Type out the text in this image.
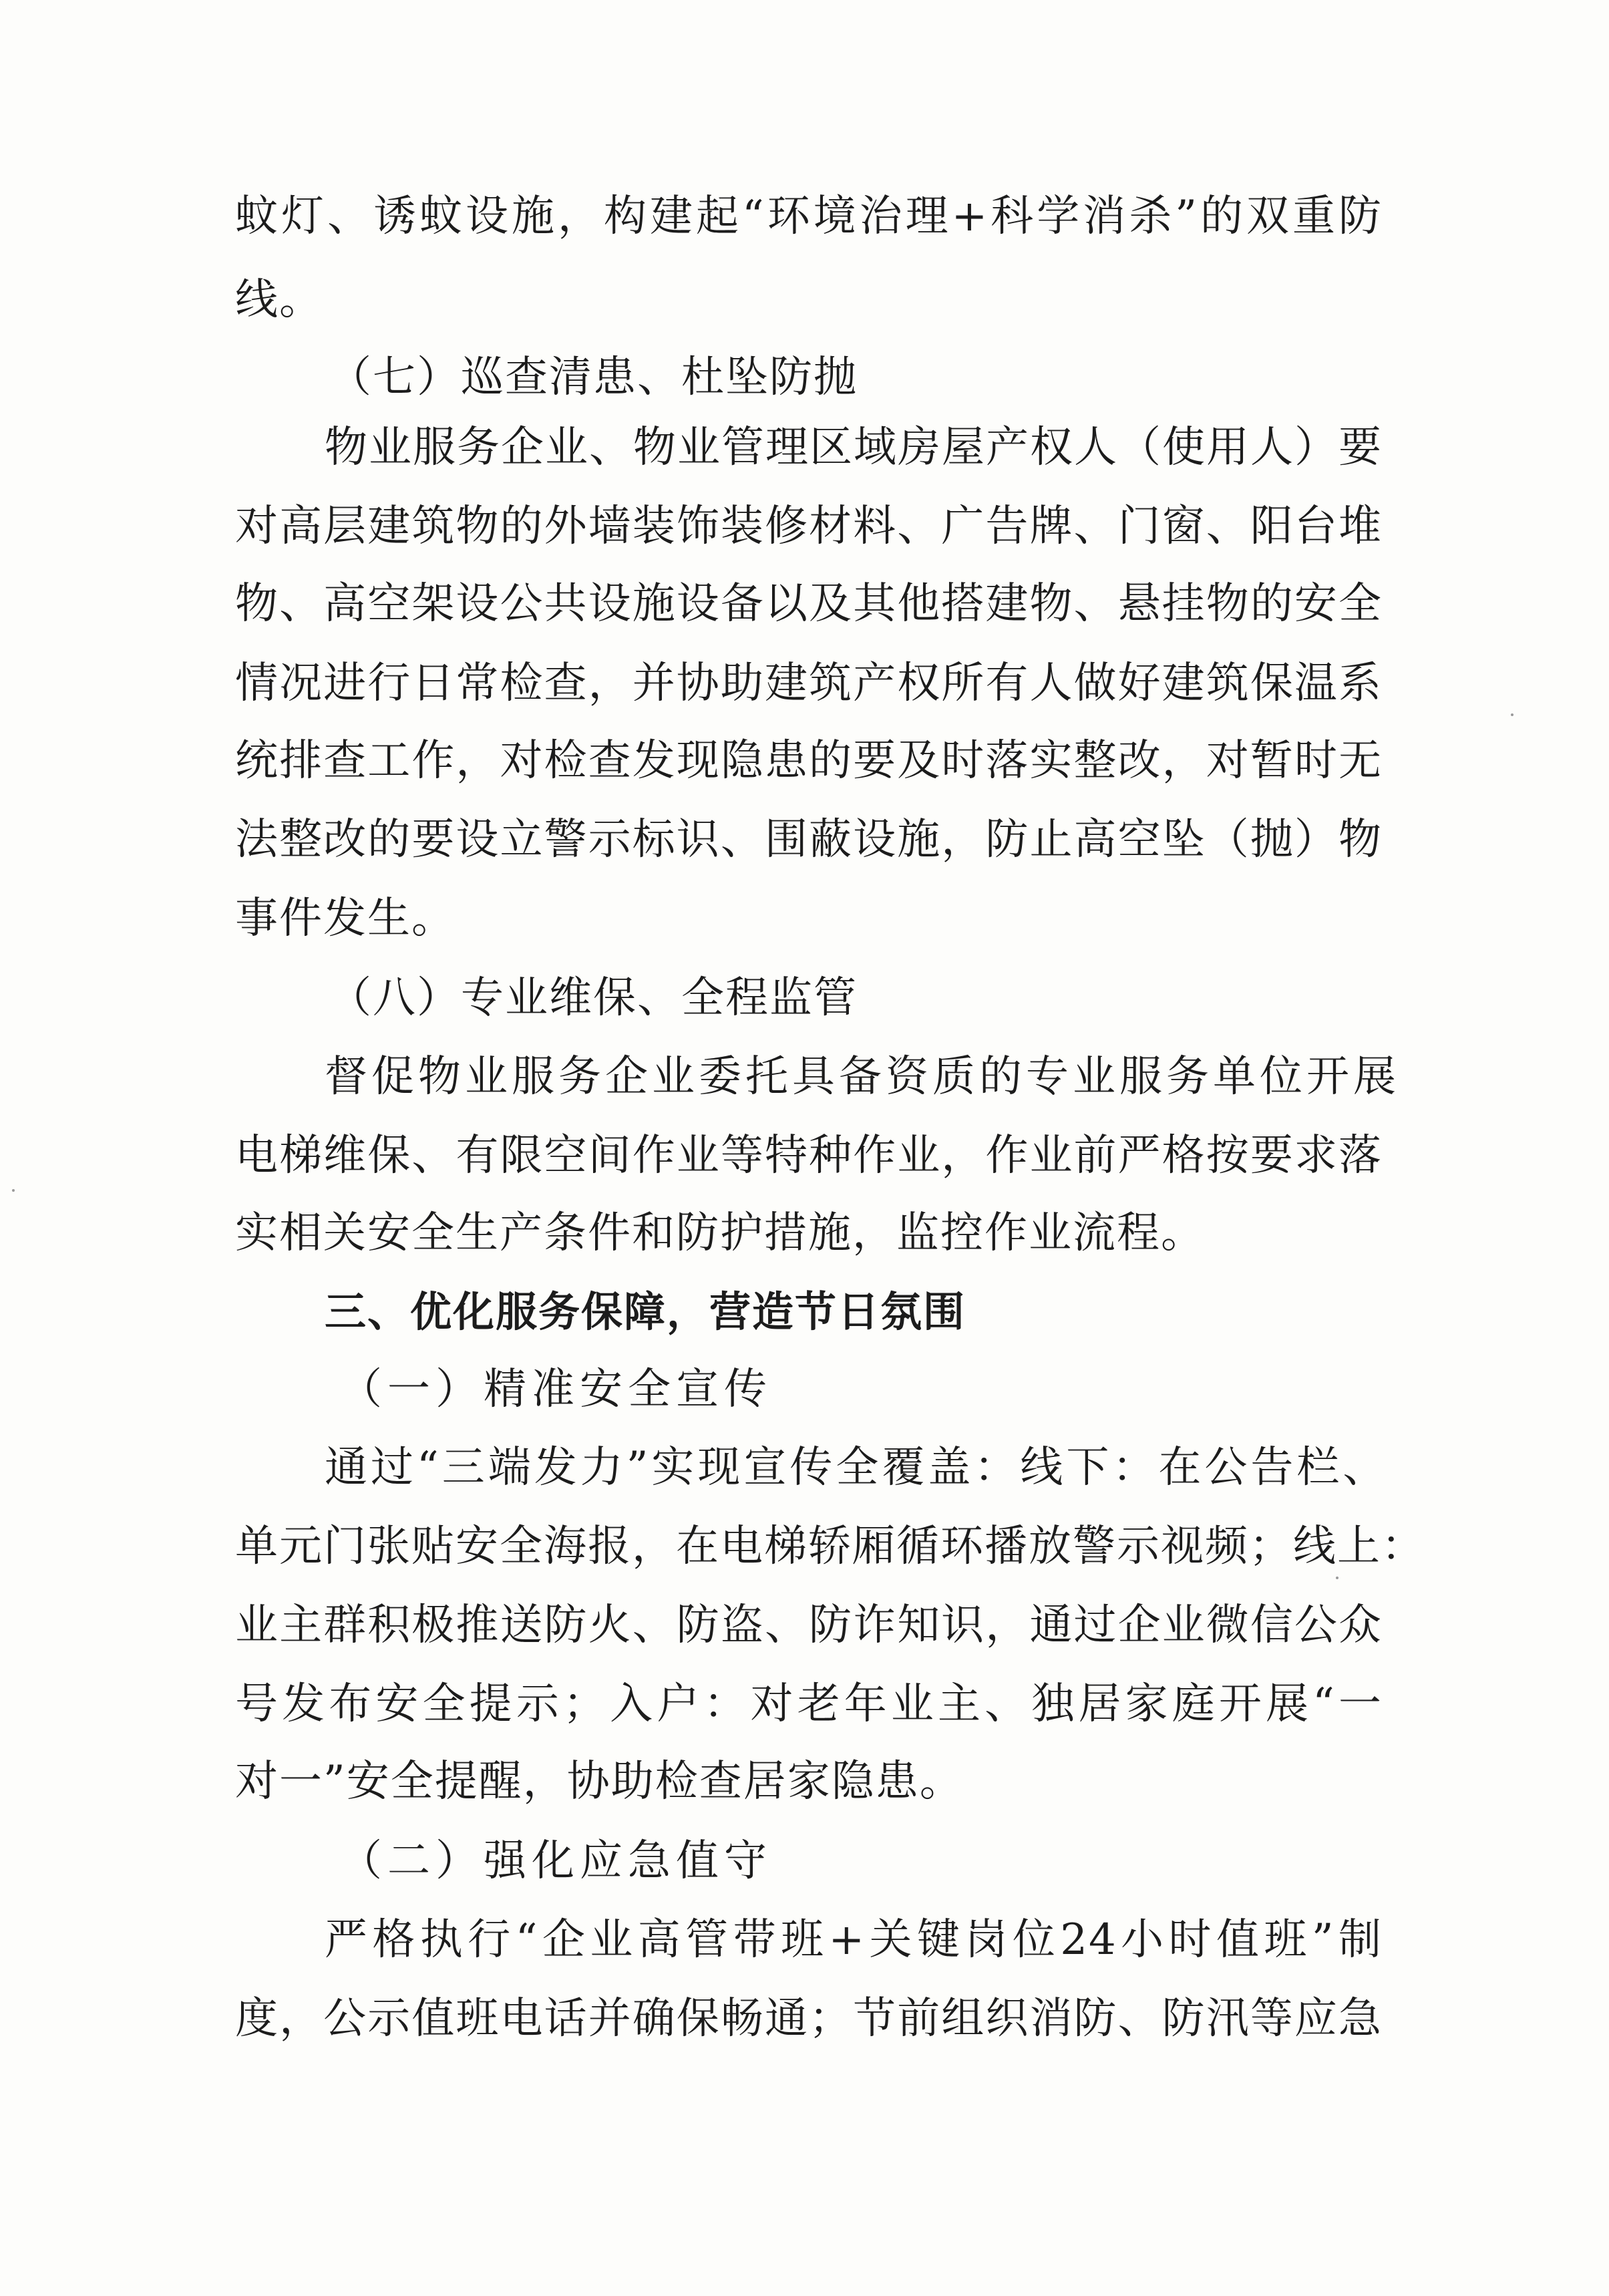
蚊灯、诱蚊设施，构建起“环境治理+科学消杀”的双重防
线。
（七）巡查清患、杜坠防抛
物业服务企业、物业管理区域房屋产权人（使用人）要
对高层建筑物的外墙装饰装修材料、广告牌、门窗、阳台堆
物、高空架设公共设施设备以及其他搭建物、悬挂物的安全
情况进行日常检查，并协助建筑产权所有人做好建筑保温系
统排查工作，对检查发现隐患的要及时落实整改，对暂时无
法整改的要设立警示标识、围蔽设施，防止高空坠（抛）物
事件发生。
（八）专业维保、全程监管
督促物业服务企业委托具备资质的专业服务单位开展
电梯维保、有限空间作业等特种作业，作业前严格按要求落
实相关安全生产条件和防护措施，监控作业流程。
三、优化服务保障，营造节日氛围
（一）精准安全宣传
通过“三端发力”实现宣传全覆盖：线下：在公告栏、
单元门张贴安全海报，在电梯轿厢循环播放警示视频；线上：
业主群积极推送防火、防盗、防诈知识，通过企业微信公众
号发布安全提示；入户：对老年业主、独居家庭开展“一
对一”安全提醒，协助检查居家隐患。
（二）强化应急值守
严格执行“企业高管带班+关键岗位24小时值班”制
度，公示值班电话并确保畅通；节前组织消防、防汛等应急
